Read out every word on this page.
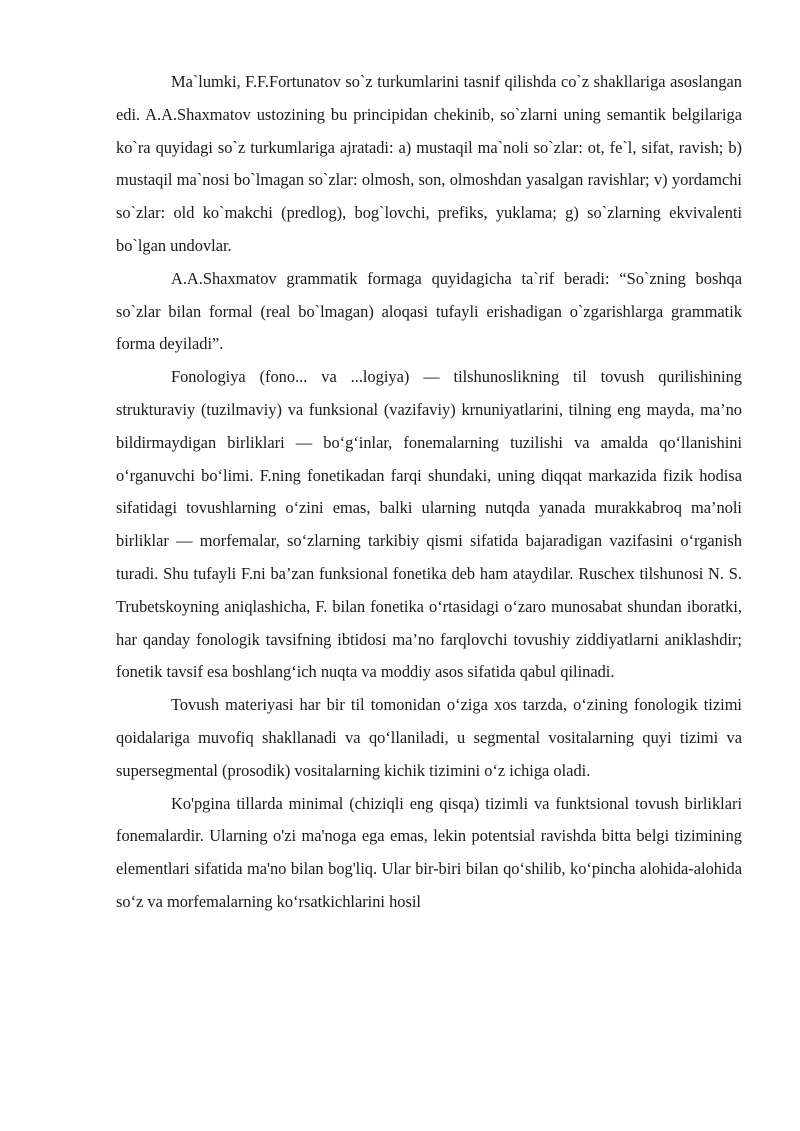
Ma`lumki, F.F.Fortunatov so`z turkumlarini tasnif qilishda co`z shakllariga asoslangan edi. A.A.Shaxmatov ustozining bu principidan chekinib, so`zlarni uning semantik belgilariga ko`ra quyidagi so`z turkumlariga ajratadi: a) mustaqil ma`noli so`zlar: ot, fe`l, sifat, ravish; b) mustaqil ma`nosi bo`lmagan so`zlar: olmosh, son, olmoshdan yasalgan ravishlar; v) yordamchi so`zlar: old ko`makchi (predlog), bog`lovchi, prefiks, yuklama; g) so`zlarning ekvivalenti bo`lgan undovlar.

A.A.Shaxmatov grammatik formaga quyidagicha ta`rif beradi: “So`zning boshqa so`zlar bilan formal (real bo`lmagan) aloqasi tufayli erishadigan o`zgarishlarga grammatik forma deyiladi”.

Fonologiya (fono... va ...logiya) — tilshunoslikning til tovush qurilishining strukturaviy (tuzilmaviy) va funksional (vazifaviy) krnuniyatlarini, tilning eng mayda, ma’no bildirmaydigan birliklari — bo‘g‘inlar, fonemalarning tuzilishi va amalda qo‘llanishini o‘rganuvchi bo‘limi. F.ning fonetikadan farqi shundaki, uning diqqat markazida fizik hodisa sifatidagi tovushlarning o‘zini emas, balki ularning nutqda yanada murakkabroq ma’noli birliklar — morfemalar, so‘zlarning tarkibiy qismi sifatida bajaradigan vazifasini o‘rganish turadi. Shu tufayli F.ni ba’zan funksional fonetika deb ham ataydilar. Ruschex tilshunosi N. S. Trubetskoyning aniqlashicha, F. bilan fonetika o‘rtasidagi o‘zaro munosabat shundan iboratki, har qanday fonologik tavsifning ibtidosi ma’no farqlovchi tovushiy ziddiyatlarni aniklashdir; fonetik tavsif esa boshlang‘ich nuqta va moddiy asos sifatida qabul qilinadi.

Tovush materiyasi har bir til tomonidan o‘ziga xos tarzda, o‘zining fonologik tizimi qoidalariga muvofiq shakllanadi va qo‘llaniladi, u segmental vositalarning quyi tizimi va supersegmental (prosodik) vositalarning kichik tizimini o‘z ichiga oladi.

Ko'pgina tillarda minimal (chiziqli eng qisqa) tizimli va funktsional tovush birliklari fonemalardir. Ularning o'zi ma'noga ega emas, lekin potentsial ravishda bitta belgi tizimining elementlari sifatida ma'no bilan bog'liq. Ular bir-biri bilan qo‘shilib, ko‘pincha alohida-alohida so‘z va morfemalarning ko‘rsatkichlarini hosil
